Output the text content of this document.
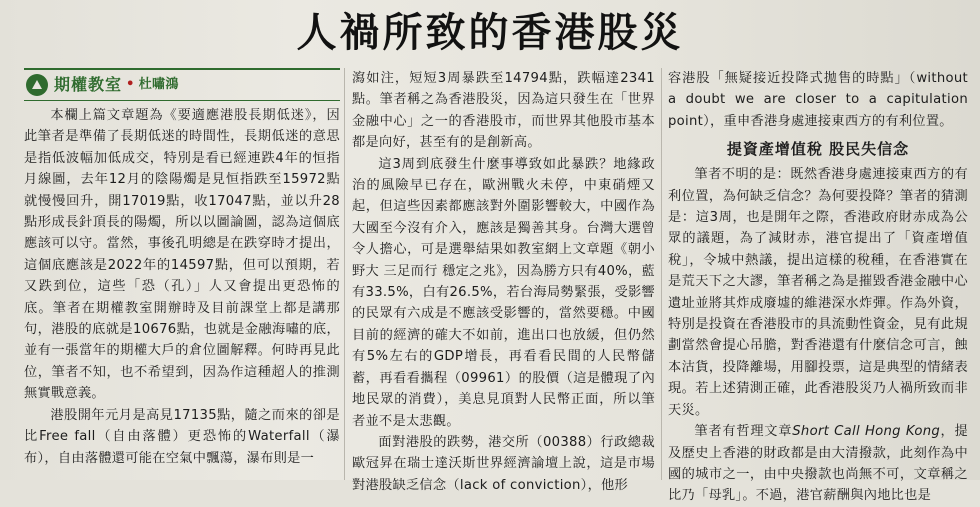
人禍所致的香港股災
期權教室 • 杜嘯鴻

本欄上篇文章題為《要適應港股長期低迷》，因此筆者是準備了長期低迷的時間性，長期低迷的意思是指低波幅加低成交，特別是看已經連跌4年的恒指月線圖，去年12月的陰陽燭是見恒指跌至15972點就慢慢回升，開17019點，收17047點，並以升28點形成長針頂長的陽燭，所以以圖論圖，認為這個底應該可以守。當然，事後孔明總是在跌穿時才提出，這個底應該是2022年的14597點，但可以預期，若又跌到位，這些「恐（孔）」人又會提出更恐怖的底。筆者在期權教室開辦時及目前課堂上都是講那句，港股的底就是10676點，也就是金融海嘯的底，並有一張當年的期權大戶的倉位圖解釋。何時再見此位，筆者不知，也不希望到，因為作這種超人的推測無實戰意義。

港股開年元月是高見17135點，隨之而來的卻是比Free fall（自由落體）更恐怖的Waterfall（瀑布），自由落體還可能在空氣中飄蕩，瀑布則是一

瀉如注，短短3周暴跌至14794點，跌幅達2341點。筆者稱之為香港股災，因為這只發生在「世界金融中心」之一的香港股市，而世界其他股市基本都是向好，甚至有的是創新高。

這3周到底發生什麼事導致如此暴跌？地緣政治的風險早已存在，歐洲戰火未停，中東硝煙又起，但這些因素都應該對外圍影響較大，中國作為大國至今沒有介入，應該是獨善其身。台灣大選曾令人擔心，可是選舉結果如教室網上文章題《朝小野大 三足而行 穩定之兆》，因為勝方只有40%，藍有33.5%，白有26.5%，若台海局勢緊張，受影響的民眾有六成是不應該受影響的，當然要穩。中國目前的經濟的確大不如前，進出口也放緩，但仍然有5%左右的GDP增長，再看看民間的人民幣儲蓄，再看看攜程（09961）的股價（這是體現了內地民眾的消費），美息見頂對人民幣正面，所以筆者並不是太悲觀。

面對港股的跌勢，港交所（00388）行政總裁歐冠昇在瑞士達沃斯世界經濟論壇上說，這是市場對港股缺乏信念（lack of conviction），他形

容港股「無疑接近投降式拋售的時點」（without a doubt we are closer to a capitulation point），重申香港身處連接東西方的有利位置。

提資產增值稅 股民失信念

筆者不明的是：既然香港身處連接東西方的有利位置，為何缺乏信念？為何要投降？筆者的猜測是：這3周，也是開年之際，香港政府財赤成為公眾的議題，為了減財赤，港官提出了「資產增值稅」，令城中熱議，提出這樣的稅種，在香港實在是荒天下之大謬，筆者稱之為是摧毀香港金融中心遺址並將其炸成廢墟的維港深水炸彈。作為外資，特別是投資在香港股市的具流動性資金，見有此規劃當然會提心吊膽，對香港還有什麼信念可言，蝕本沽貨，投降離場，用腳投票，這是典型的情緒表現。若上述猜測正確，此香港股災乃人禍所致而非天災。

筆者有哲理文章Short Call Hong Kong，提及歷史上香港的財政都是由大清撥款，此刻作為中國的城市之一，由中央撥款也尚無不可，文章稱之比乃「母乳」。不過，港官薪酬與內地比也是
